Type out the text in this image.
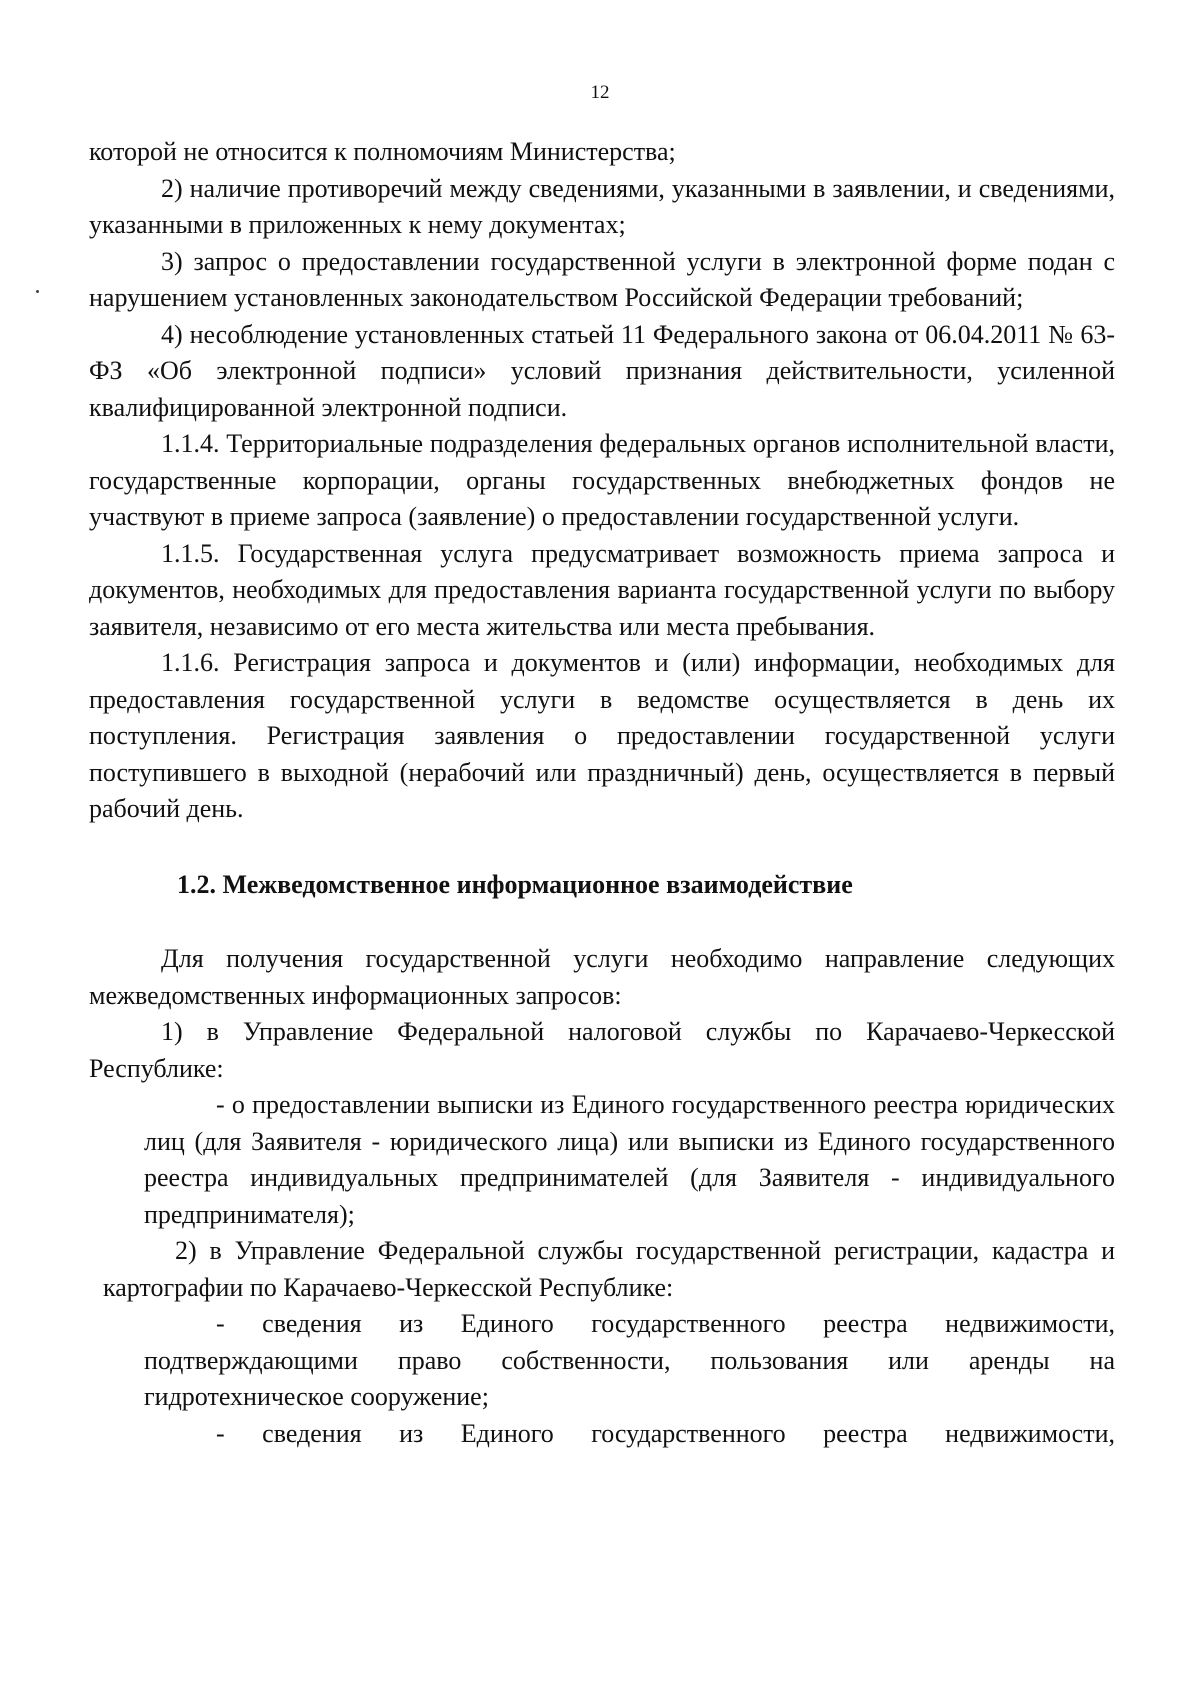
12

которой не относится к полномочиям Министерства;

2) наличие противоречий между сведениями, указанными в заявлении, и сведениями, указанными в приложенных к нему документах;

3) запрос о предоставлении государственной услуги в электронной форме подан с нарушением установленных законодательством Российской Федерации требований;

4) несоблюдение установленных статьей 11 Федерального закона от 06.04.2011 № 63-ФЗ «Об электронной подписи» условий признания действительности, усиленной квалифицированной электронной подписи.

1.1.4. Территориальные подразделения федеральных органов исполнительной власти, государственные корпорации, органы государственных внебюджетных фондов не участвуют в приеме запроса (заявление) о предоставлении государственной услуги.

1.1.5. Государственная услуга предусматривает возможность приема запроса и документов, необходимых для предоставления варианта государственной услуги по выбору заявителя, независимо от его места жительства или места пребывания.

1.1.6. Регистрация запроса и документов и (или) информации, необходимых для предоставления государственной услуги в ведомстве осуществляется в день их поступления. Регистрация заявления о предоставлении государственной услуги поступившего в выходной (нерабочий или праздничный) день, осуществляется в первый рабочий день.

1.2. Межведомственное информационное взаимодействие

Для получения государственной услуги необходимо направление следующих межведомственных информационных запросов:

1) в Управление Федеральной налоговой службы по Карачаево-Черкесской Республике:

- о предоставлении выписки из Единого государственного реестра юридических лиц (для Заявителя - юридического лица) или выписки из Единого государственного реестра индивидуальных предпринимателей (для Заявителя - индивидуального предпринимателя);

2) в Управление Федеральной службы государственной регистрации, кадастра и картографии по Карачаево-Черкесской Республике:

- сведения из Единого государственного реестра недвижимости, подтверждающими право собственности, пользования или аренды на гидротехническое сооружение;

- сведения из Единого государственного реестра недвижимости,
